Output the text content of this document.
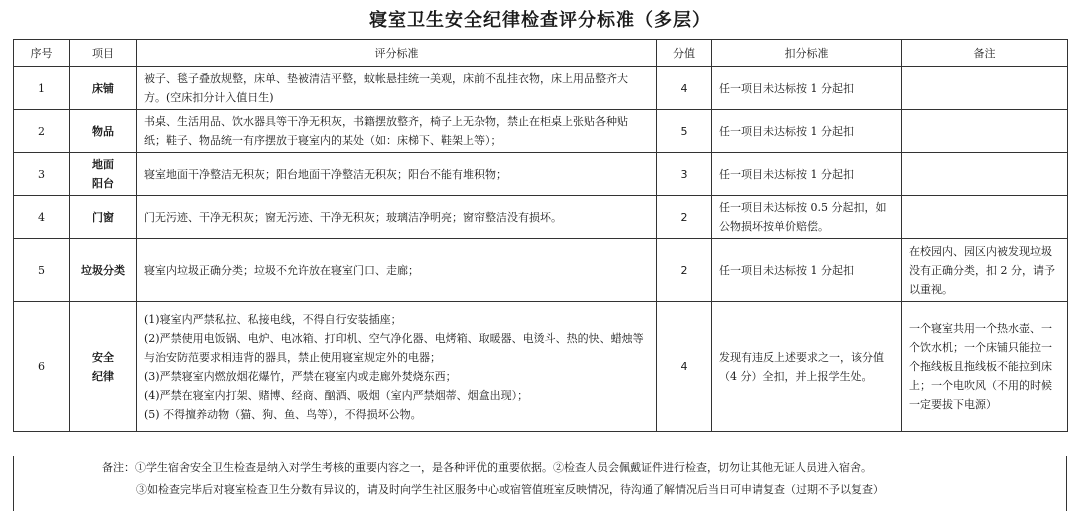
寝室卫生安全纪律检查评分标准（多层）
序号	项目	评分标准	分值	扣分标准	备注
1	床铺	被子、毯子叠放规整，床单、垫被清洁平整，蚊帐悬挂统一美观，床前不乱挂衣物，床上用品整齐大方。(空床扣分计入值日生)	4	任一项目未达标按 1 分起扣	
2	物品	书桌、生活用品、饮水器具等干净无积灰，书籍摆放整齐，椅子上无杂物，禁止在柜桌上张贴各种贴纸；鞋子、物品统一有序摆放于寝室内的某处（如：床梯下、鞋架上等）；	5	任一项目未达标按 1 分起扣	
3	地面阳台	寝室地面干净整洁无积灰；阳台地面干净整洁无积灰；阳台不能有堆积物；	3	任一项目未达标按 1 分起扣	
4	门窗	门无污迹、干净无积灰；窗无污迹、干净无积灰；玻璃洁净明亮；窗帘整洁没有损坏。	2	任一项目未达标按 0.5 分起扣，如公物损坏按单价赔偿。	
5	垃圾分类	寝室内垃圾正确分类；垃圾不允许放在寝室门口、走廊；	2	任一项目未达标按 1 分起扣	在校园内、园区内被发现垃圾没有正确分类，扣 2 分，请予以重视。
6	安全纪律	(1)寝室内严禁私拉、私接电线，不得自行安装插座；
(2)严禁使用电饭锅、电炉、电冰箱、打印机、空气净化器、电烤箱、取暖器、电烫斗、热的快、蜡烛等与治安防范要求相违背的器具，禁止使用寝室规定外的电器；
(3)严禁寝室内燃放烟花爆竹，严禁在寝室内或走廊外焚烧东西；
(4)严禁在寝室内打架、赌博、经商、酗酒、吸烟（室内严禁烟蒂、烟盒出现）；
(5) 不得擅养动物（猫、狗、鱼、鸟等），不得损坏公物。	4	发现有违反上述要求之一，该分值（4 分）全扣，并上报学生处。	一个寝室共用一个热水壶、一个饮水机；一个床铺只能拉一个拖线板且拖线板不能拉到床上；一个电吹风（不用的时候一定要拔下电源）
备注：①学生宿舍安全卫生检查是纳入对学生考核的重要内容之一，是各种评优的重要依据。②检查人员会佩戴证件进行检查，切勿让其他无证人员进入宿舍。
③如检查完毕后对寝室检查卫生分数有异议的，请及时向学生社区服务中心或宿管值班室反映情况，待沟通了解情况后当日可申请复查（过期不予以复查）
